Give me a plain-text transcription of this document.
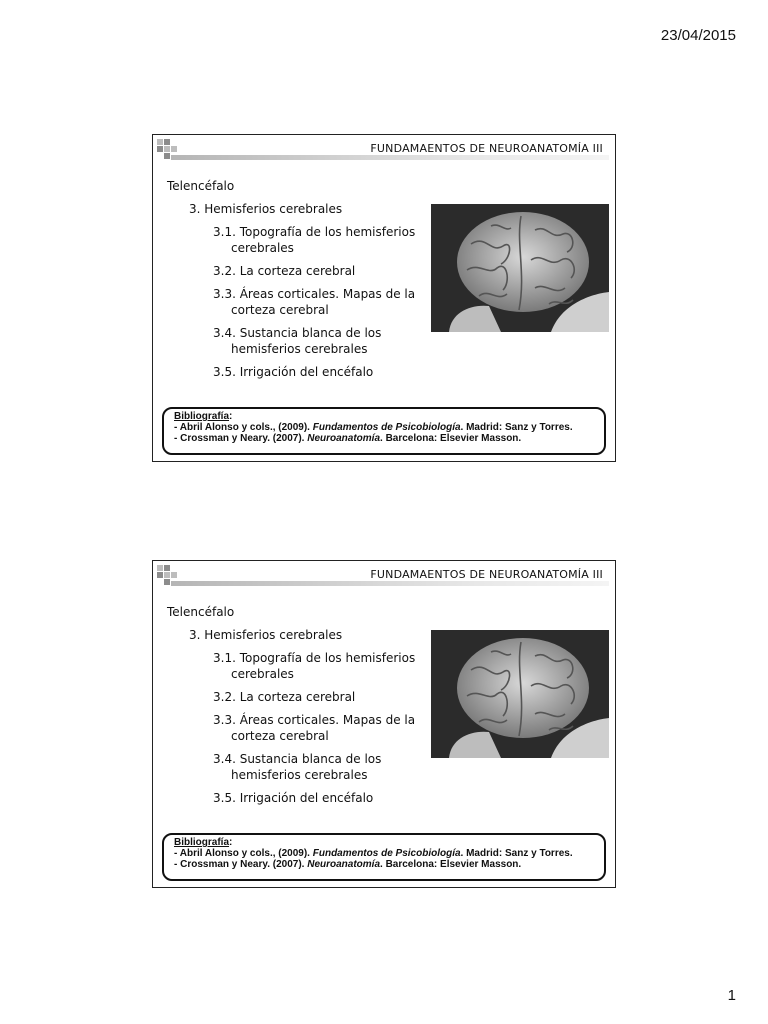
23/04/2015
FUNDAMAENTOS DE NEUROANATOMÍA III
Telencéfalo
3. Hemisferios cerebrales
3.1. Topografía de los hemisferios cerebrales
3.2. La corteza cerebral
3.3. Áreas corticales. Mapas de la corteza cerebral
3.4. Sustancia blanca de los hemisferios cerebrales
3.5. Irrigación del encéfalo
Bibliografía:
- Abril Alonso y cols., (2009). Fundamentos de Psicobiología. Madrid: Sanz y Torres.
- Crossman y Neary. (2007). Neuroanatomía. Barcelona: Elsevier Masson.
FUNDAMAENTOS DE NEUROANATOMÍA III
Telencéfalo
3. Hemisferios cerebrales
3.1. Topografía de los hemisferios cerebrales
3.2. La corteza cerebral
3.3. Áreas corticales. Mapas de la corteza cerebral
3.4. Sustancia blanca de los hemisferios cerebrales
3.5. Irrigación del encéfalo
Bibliografía:
- Abril Alonso y cols., (2009). Fundamentos de Psicobiología. Madrid: Sanz y Torres.
- Crossman y Neary. (2007). Neuroanatomía. Barcelona: Elsevier Masson.
1
